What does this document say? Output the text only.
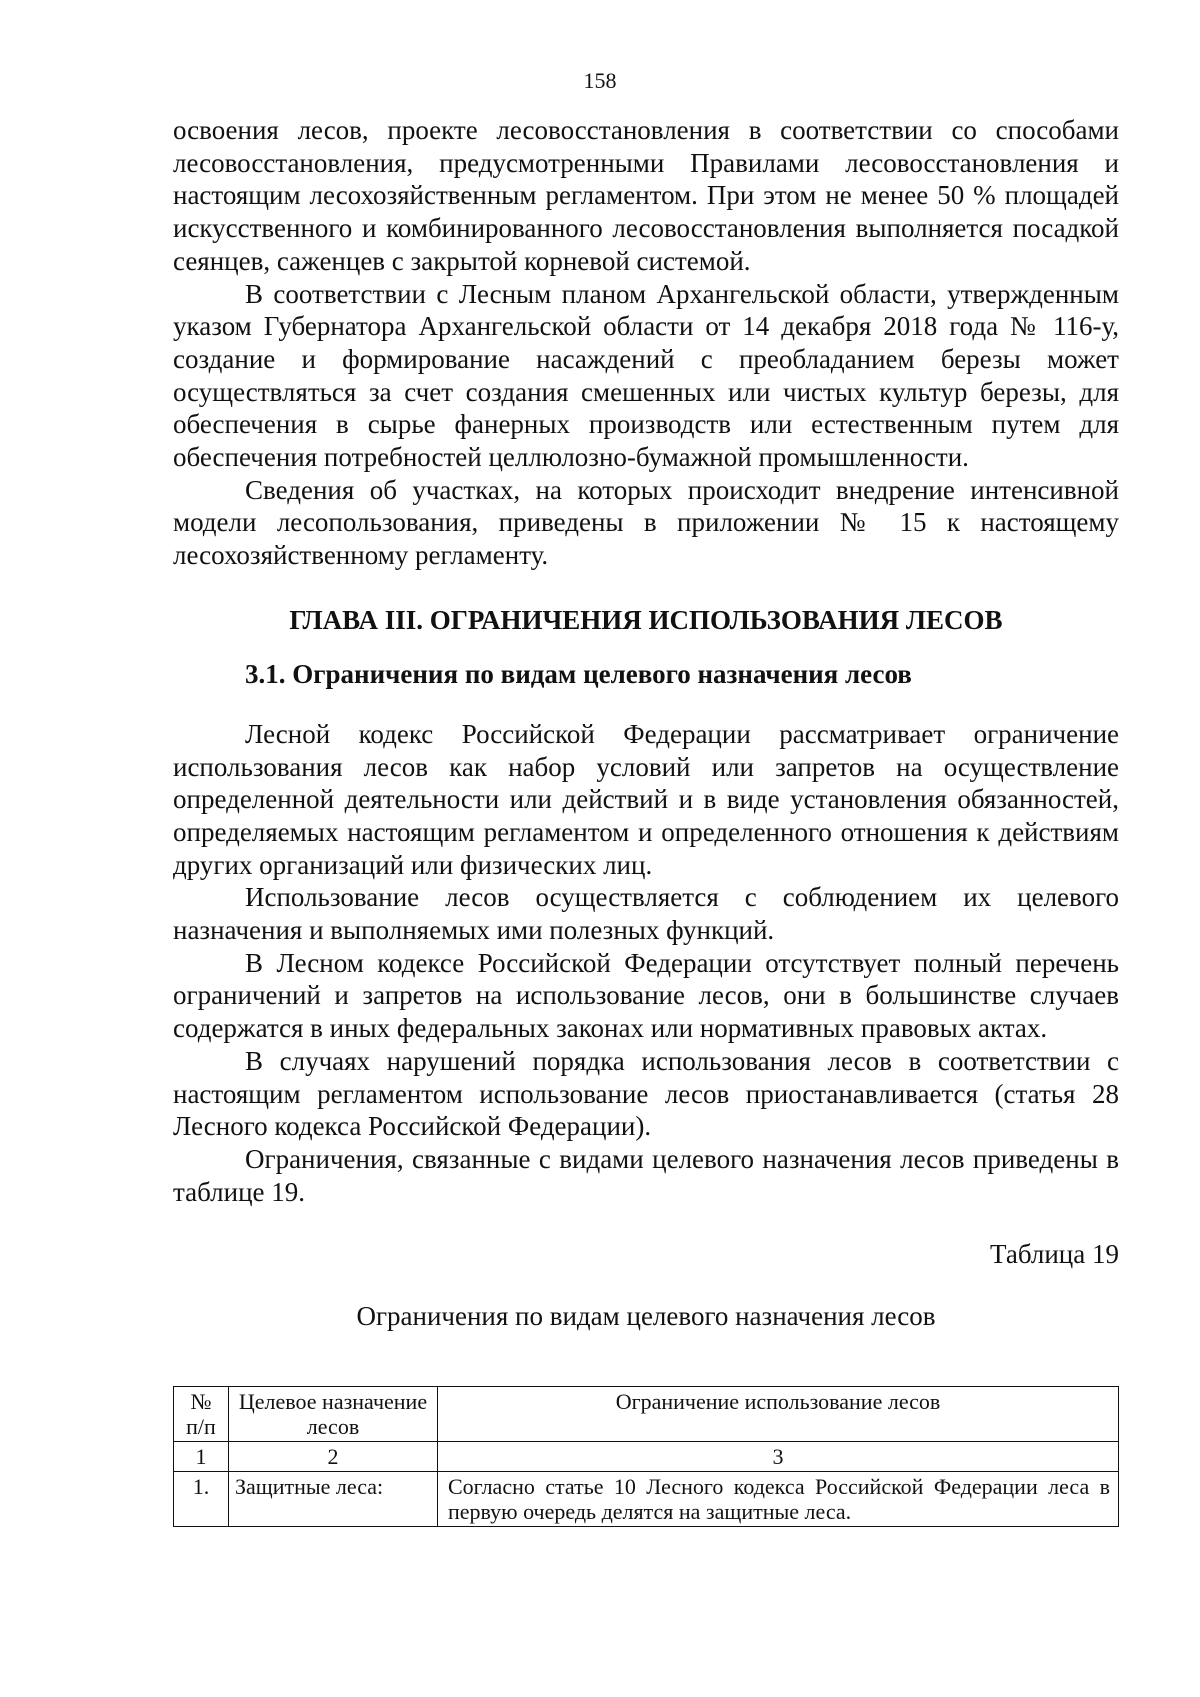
158

освоения лесов, проекте лесовосстановления в соответствии со способами лесовосстановления, предусмотренными Правилами лесовосстановления и настоящим лесохозяйственным регламентом. При этом не менее 50 % площадей искусственного и комбинированного лесовосстановления выполняется посадкой сеянцев, саженцев с закрытой корневой системой.

В соответствии с Лесным планом Архангельской области, утвержденным указом Губернатора Архангельской области от 14 декабря 2018 года № 116-у, создание и формирование насаждений с преобладанием березы может осуществляться за счет создания смешенных или чистых культур березы, для обеспечения в сырье фанерных производств или естественным путем для обеспечения потребностей целлюлозно-бумажной промышленности.

Сведения об участках, на которых происходит внедрение интенсивной модели лесопользования, приведены в приложении № 15 к настоящему лесохозяйственному регламенту.

ГЛАВА III. ОГРАНИЧЕНИЯ ИСПОЛЬЗОВАНИЯ ЛЕСОВ
3.1. Ограничения по видам целевого назначения лесов

Лесной кодекс Российской Федерации рассматривает ограничение использования лесов как набор условий или запретов на осуществление определенной деятельности или действий и в виде установления обязанностей, определяемых настоящим регламентом и определенного отношения к действиям других организаций или физических лиц.

Использование лесов осуществляется с соблюдением их целевого назначения и выполняемых ими полезных функций.

В Лесном кодексе Российской Федерации отсутствует полный перечень ограничений и запретов на использование лесов, они в большинстве случаев содержатся в иных федеральных законах или нормативных правовых актах.

В случаях нарушений порядка использования лесов в соответствии с настоящим регламентом использование лесов приостанавливается (статья 28 Лесного кодекса Российской Федерации).

Ограничения, связанные с видами целевого назначения лесов приведены в таблице 19.

Таблица 19
Ограничения по видам целевого назначения лесов
№ п/п	Целевое назначение лесов	Ограничение использование лесов
1	2	3
1.	Защитные леса:	Согласно статье 10 Лесного кодекса Российской Федерации леса в первую очередь делятся на защитные леса.
